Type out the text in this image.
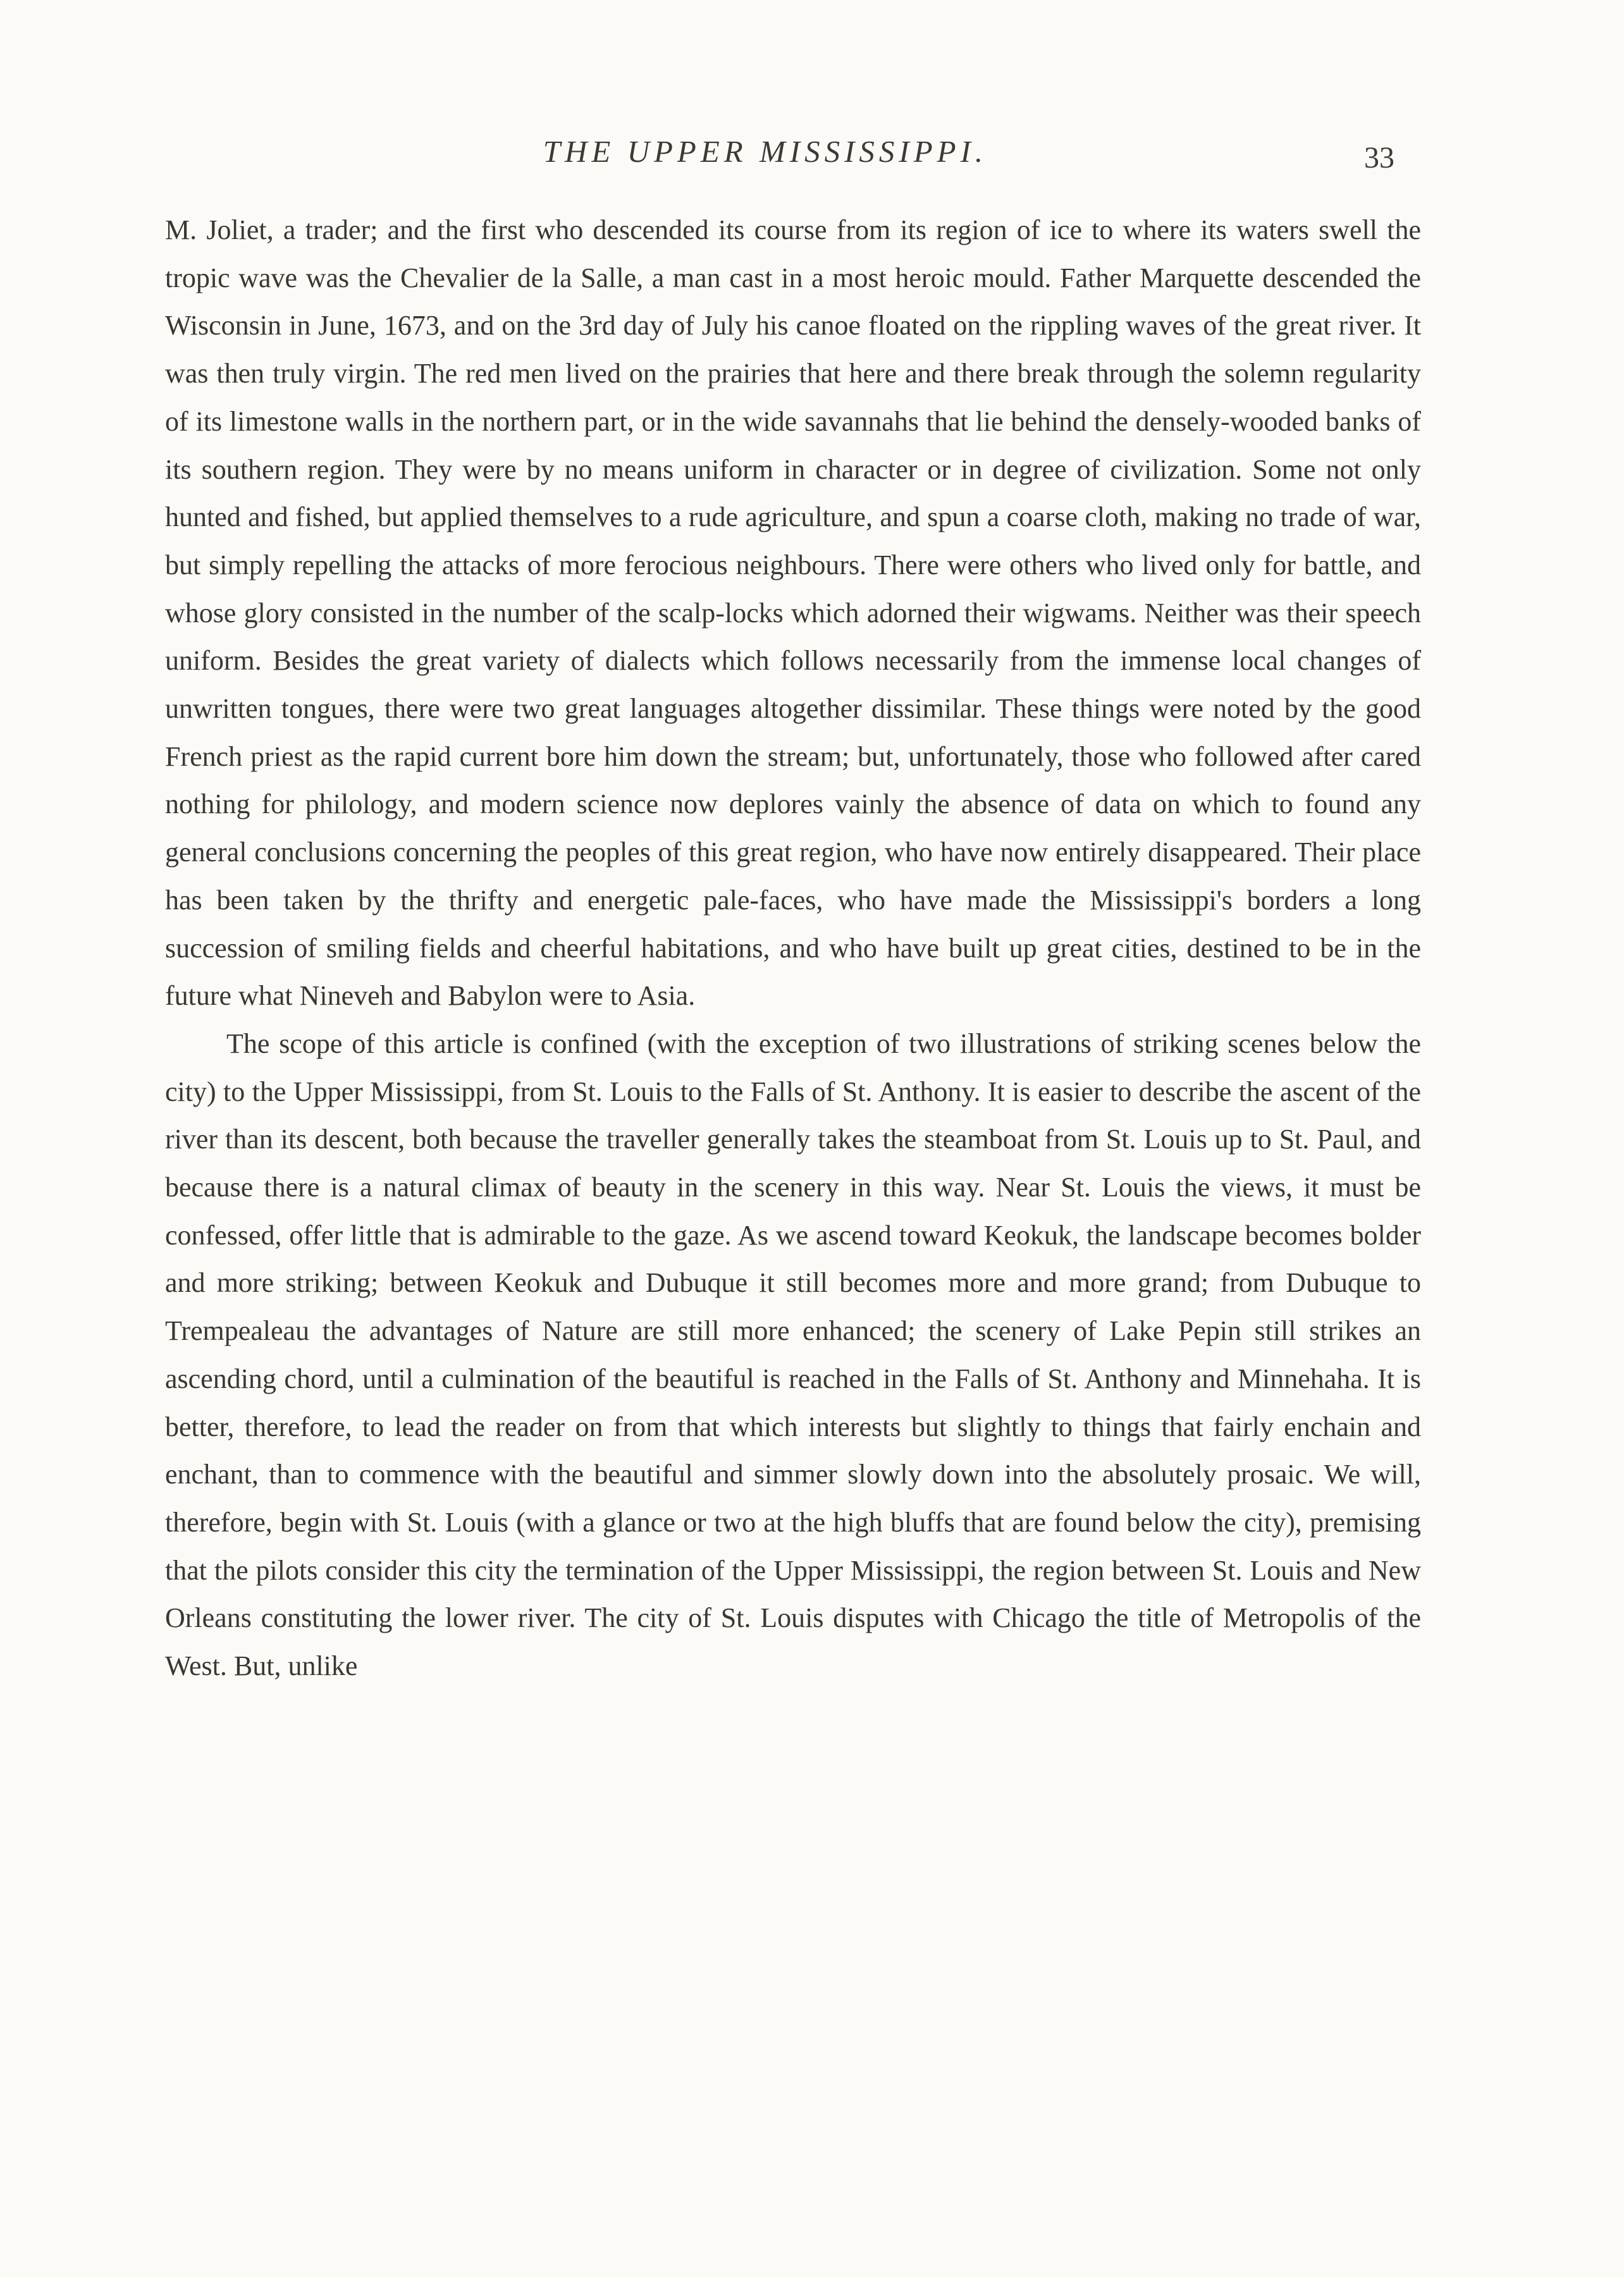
THE UPPER MISSISSIPPI.	33

M. Joliet, a trader; and the first who descended its course from its region of ice to where its waters swell the tropic wave was the Chevalier de la Salle, a man cast in a most heroic mould. Father Marquette descended the Wisconsin in June, 1673, and on the 3rd day of July his canoe floated on the rippling waves of the great river. It was then truly virgin. The red men lived on the prairies that here and there break through the solemn regularity of its limestone walls in the northern part, or in the wide savannahs that lie behind the densely-wooded banks of its southern region. They were by no means uniform in character or in degree of civilization. Some not only hunted and fished, but applied themselves to a rude agriculture, and spun a coarse cloth, making no trade of war, but simply repelling the attacks of more ferocious neighbours. There were others who lived only for battle, and whose glory consisted in the number of the scalp-locks which adorned their wigwams. Neither was their speech uniform. Besides the great variety of dialects which follows necessarily from the immense local changes of unwritten tongues, there were two great languages altogether dissimilar. These things were noted by the good French priest as the rapid current bore him down the stream; but, unfortunately, those who followed after cared nothing for philology, and modern science now deplores vainly the absence of data on which to found any general conclusions concerning the peoples of this great region, who have now entirely disappeared. Their place has been taken by the thrifty and energetic pale-faces, who have made the Mississippi's borders a long succession of smiling fields and cheerful habitations, and who have built up great cities, destined to be in the future what Nineveh and Babylon were to Asia.

The scope of this article is confined (with the exception of two illustrations of striking scenes below the city) to the Upper Mississippi, from St. Louis to the Falls of St. Anthony. It is easier to describe the ascent of the river than its descent, both because the traveller generally takes the steamboat from St. Louis up to St. Paul, and because there is a natural climax of beauty in the scenery in this way. Near St. Louis the views, it must be confessed, offer little that is admirable to the gaze. As we ascend toward Keokuk, the landscape becomes bolder and more striking; between Keokuk and Dubuque it still becomes more and more grand; from Dubuque to Trempealeau the advantages of Nature are still more enhanced; the scenery of Lake Pepin still strikes an ascending chord, until a culmination of the beautiful is reached in the Falls of St. Anthony and Minnehaha. It is better, therefore, to lead the reader on from that which interests but slightly to things that fairly enchain and enchant, than to commence with the beautiful and simmer slowly down into the absolutely prosaic. We will, therefore, begin with St. Louis (with a glance or two at the high bluffs that are found below the city), premising that the pilots consider this city the termination of the Upper Mississippi, the region between St. Louis and New Orleans constituting the lower river. The city of St. Louis disputes with Chicago the title of Metropolis of the West. But, unlike
